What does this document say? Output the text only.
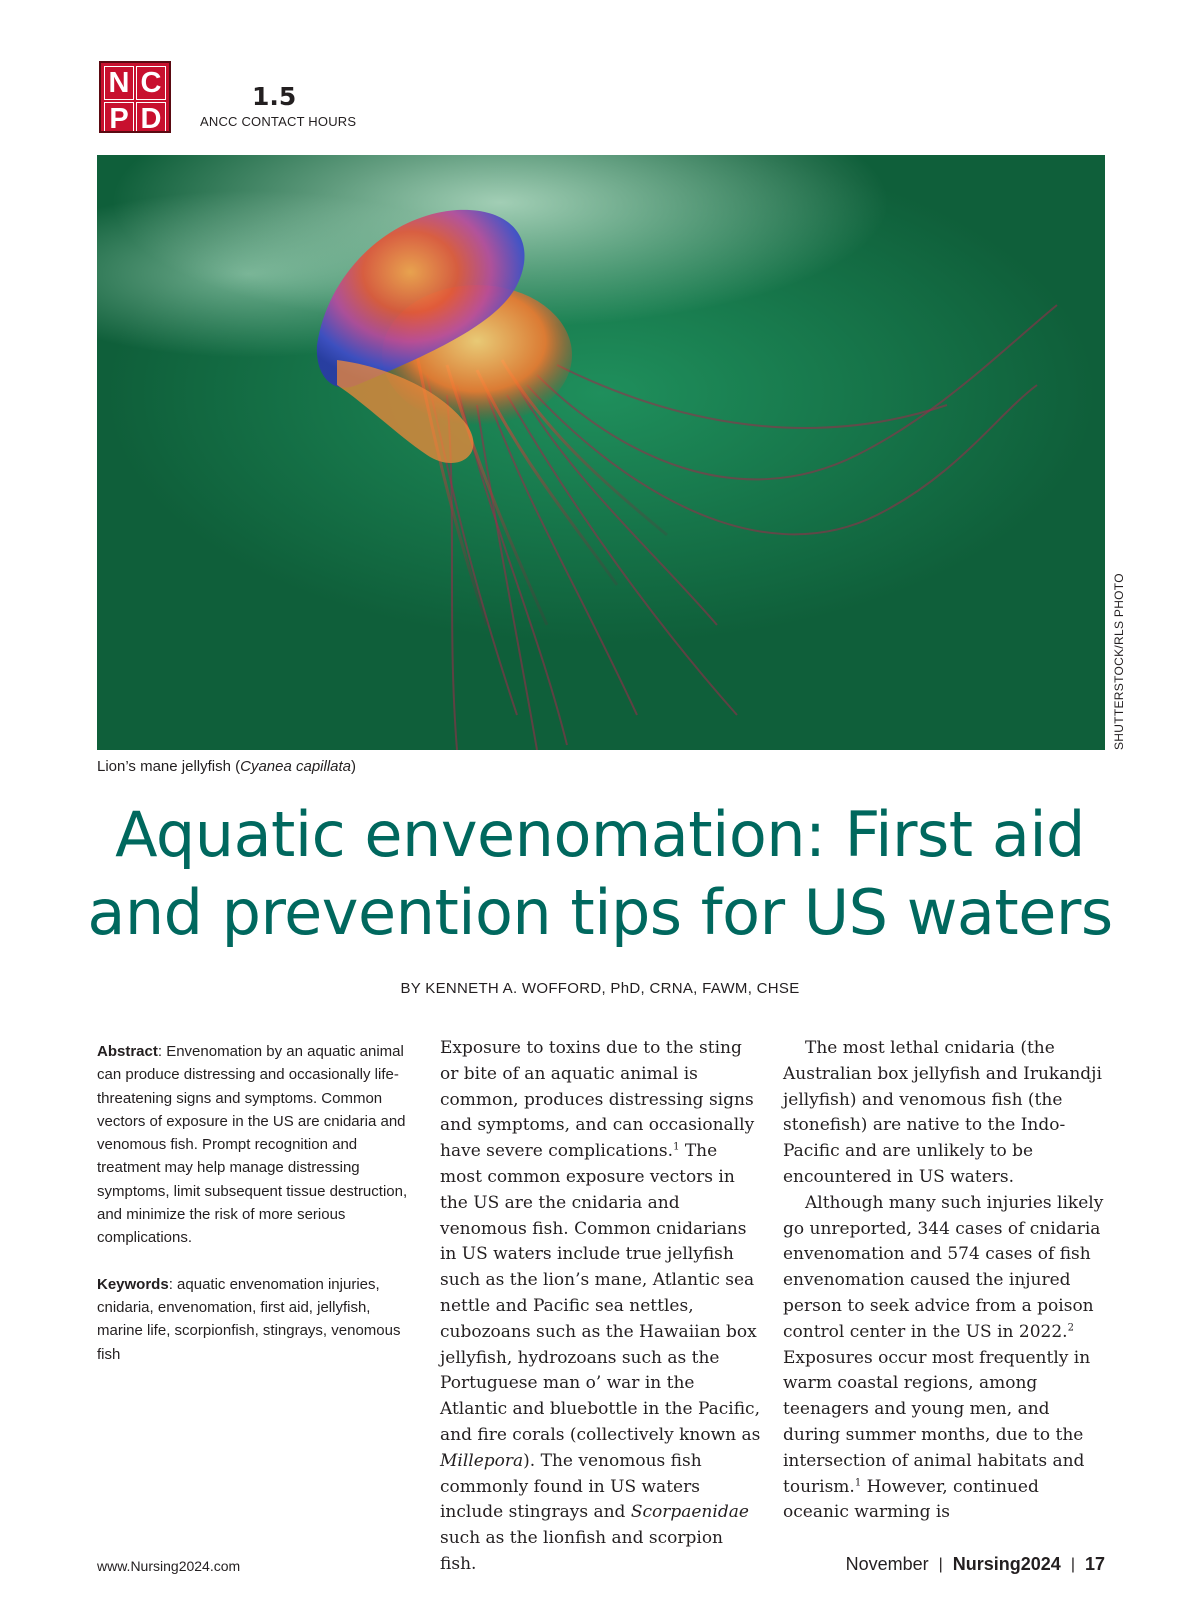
N C
P D
1.5
ANCC CONTACT HOURS
SHUTTERSTOCK/RLS PHOTO
Lion’s mane jellyfish (Cyanea capillata)
Aquatic envenomation: First aid
and prevention tips for US waters
BY KENNETH A. WOFFORD, PhD, CRNA, FAWM, CHSE

Abstract: Envenomation by an aquatic animal can produce distressing and occasionally life-threatening signs and symptoms. Common vectors of exposure in the US are cnidaria and venomous fish. Prompt recognition and treatment may help manage distressing symptoms, limit subsequent tissue destruction, and minimize the risk of more serious complications.

Keywords: aquatic envenomation injuries, cnidaria, envenomation, first aid, jellyfish, marine life, scorpionfish, stingrays, venomous fish

Exposure to toxins due to the sting or bite of an aquatic animal is common, produces distressing signs and symptoms, and can occasionally have severe complications.$^1$ The most common exposure vectors in the US are the cnidaria and venomous fish. Common cnidarians in US waters include true jellyfish such as the lion’s mane, Atlantic sea nettle and Pacific sea nettles, cubozoans such as the Hawaiian box jellyfish, hydrozoans such as the Portuguese man o’ war in the Atlantic and bluebottle in the Pacific, and fire corals (collectively known as Millepora). The venomous fish commonly found in US waters include stingrays and Scorpaenidae such as the lionfish and scorpion fish.

The most lethal cnidaria (the Australian box jellyfish and Irukandji jellyfish) and venomous fish (the stonefish) are native to the Indo-Pacific and are unlikely to be encountered in US waters.

Although many such injuries likely go unreported, 344 cases of cnidaria envenomation and 574 cases of fish envenomation caused the injured person to seek advice from a poison control center in the US in 2022.$^2$ Exposures occur most frequently in warm coastal regions, among teenagers and young men, and during summer months, due to the intersection of animal habitats and tourism.$^1$ However, continued oceanic warming is

www.Nursing2024.com	November | Nursing2024 | 17
